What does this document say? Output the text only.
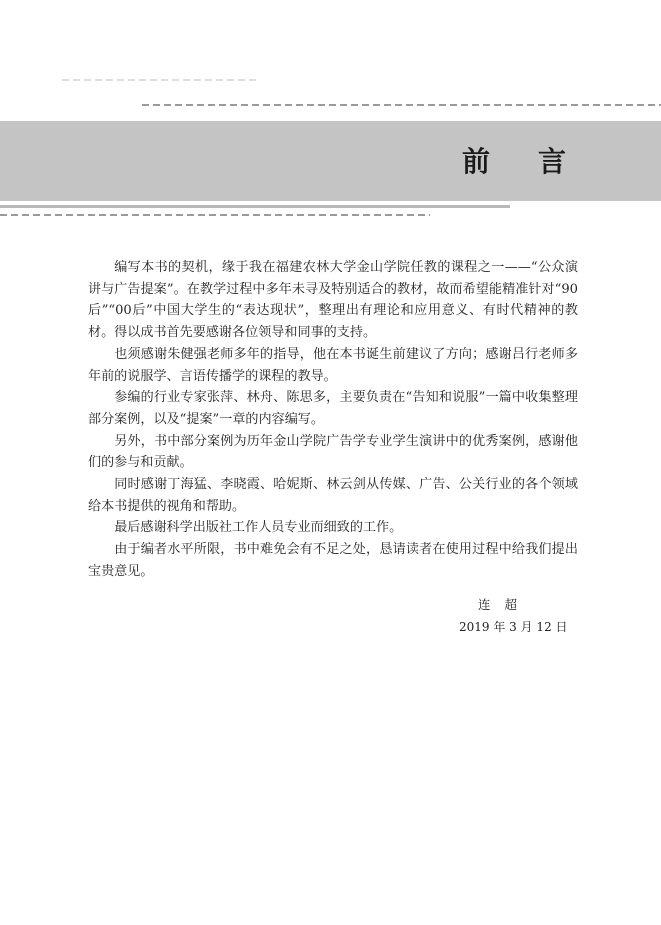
前言

编写本书的契机，缘于我在福建农林大学金山学院任教的课程之一——“公众演讲与广告提案”。在教学过程中多年未寻及特别适合的教材，故而希望能精准针对“90后”“00后”中国大学生的“表达现状”，整理出有理论和应用意义、有时代精神的教材。得以成书首先要感谢各位领导和同事的支持。

也须感谢朱健强老师多年的指导，他在本书诞生前建议了方向；感谢吕行老师多年前的说服学、言语传播学的课程的教导。

参编的行业专家张萍、林舟、陈思多，主要负责在“告知和说服”一篇中收集整理部分案例，以及“提案”一章的内容编写。

另外，书中部分案例为历年金山学院广告学专业学生演讲中的优秀案例，感谢他们的参与和贡献。

同时感谢丁海猛、李晓霞、哈妮斯、林云剑从传媒、广告、公关行业的各个领域给本书提供的视角和帮助。

最后感谢科学出版社工作人员专业而细致的工作。

由于编者水平所限，书中难免会有不足之处，恳请读者在使用过程中给我们提出宝贵意见。

连超
2019 年 3 月 12 日
